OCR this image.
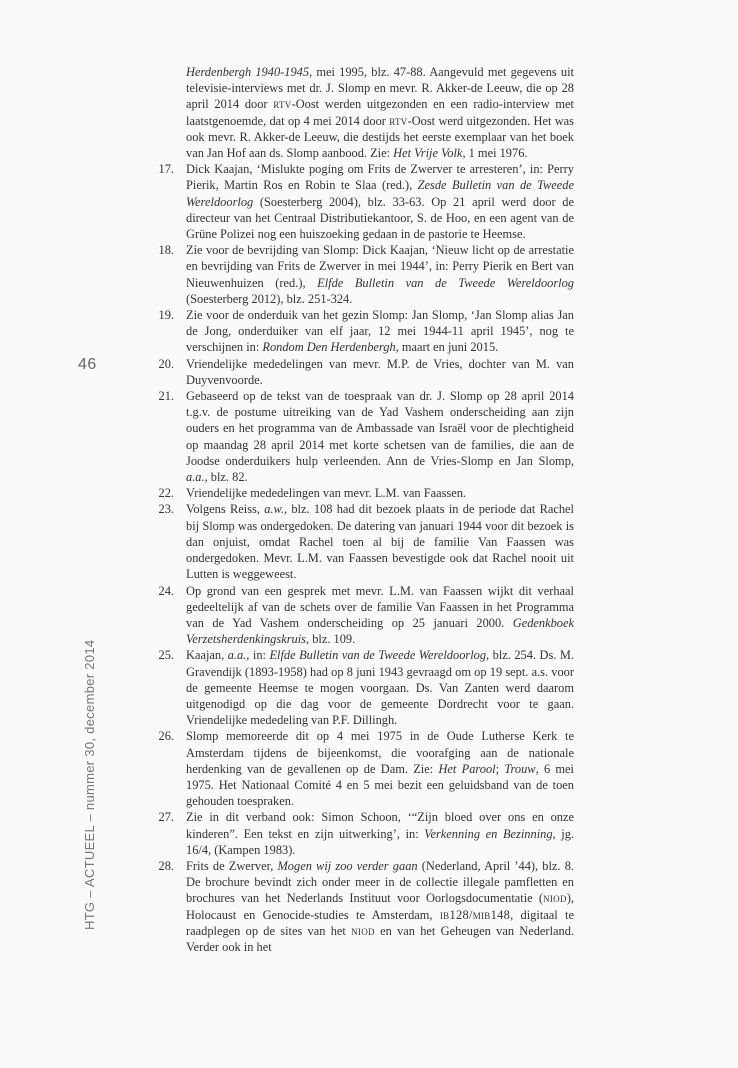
46
HTG – ACTUEEL – nummer 30, december 2014

Herdenbergh 1940-1945, mei 1995, blz. 47-88. Aangevuld met gegevens uit televisie-interviews met dr. J. Slomp en mevr. R. Akker-de Leeuw, die op 28 april 2014 door rtv-Oost werden uitgezonden en een radio-interview met laatstgenoemde, dat op 4 mei 2014 door rtv-Oost werd uitgezonden. Het was ook mevr. R. Akker-de Leeuw, die destijds het eerste exemplaar van het boek van Jan Hof aan ds. Slomp aanbood. Zie: Het Vrije Volk, 1 mei 1976.

17. Dick Kaajan, ‘Mislukte poging om Frits de Zwerver te arresteren’, in: Perry Pierik, Martin Ros en Robin te Slaa (red.), Zesde Bulletin van de Tweede Wereldoorlog (Soesterberg 2004), blz. 33-63. Op 21 april werd door de directeur van het Centraal Distributiekantoor, S. de Hoo, en een agent van de Grüne Polizei nog een huiszoeking gedaan in de pastorie te Heemse.
18. Zie voor de bevrijding van Slomp: Dick Kaajan, ‘Nieuw licht op de arrestatie en bevrijding van Frits de Zwerver in mei 1944’, in: Perry Pierik en Bert van Nieuwenhuizen (red.), Elfde Bulletin van de Tweede Wereldoorlog (Soesterberg 2012), blz. 251-324.
19. Zie voor de onderduik van het gezin Slomp: Jan Slomp, ‘Jan Slomp alias Jan de Jong, onderduiker van elf jaar, 12 mei 1944-11 april 1945’, nog te verschijnen in: Rondom Den Herdenbergh, maart en juni 2015.
20. Vriendelijke mededelingen van mevr. M.P. de Vries, dochter van M. van Duyvenvoorde.
21. Gebaseerd op de tekst van de toespraak van dr. J. Slomp op 28 april 2014 t.g.v. de postume uitreiking van de Yad Vashem onderscheiding aan zijn ouders en het programma van de Ambassade van Israël voor de plechtigheid op maandag 28 april 2014 met korte schetsen van de families, die aan de Joodse onderduikers hulp verleenden. Ann de Vries-Slomp en Jan Slomp, a.a., blz. 82.
22. Vriendelijke mededelingen van mevr. L.M. van Faassen.
23. Volgens Reiss, a.w., blz. 108 had dit bezoek plaats in de periode dat Rachel bij Slomp was ondergedoken. De datering van januari 1944 voor dit bezoek is dan onjuist, omdat Rachel toen al bij de familie Van Faassen was ondergedoken. Mevr. L.M. van Faassen bevestigde ook dat Rachel nooit uit Lutten is weggeweest.
24. Op grond van een gesprek met mevr. L.M. van Faassen wijkt dit verhaal gedeeltelijk af van de schets over de familie Van Faassen in het Programma van de Yad Vashem onderscheiding op 25 januari 2000. Gedenkboek Verzetsherdenkingskruis, blz. 109.
25. Kaajan, a.a., in: Elfde Bulletin van de Tweede Wereldoorlog, blz. 254. Ds. M. Gravendijk (1893-1958) had op 8 juni 1943 gevraagd om op 19 sept. a.s. voor de gemeente Heemse te mogen voorgaan. Ds. Van Zanten werd daarom uitgenodigd op die dag voor de gemeente Dordrecht voor te gaan. Vriendelijke mededeling van P.F. Dillingh.
26. Slomp memoreerde dit op 4 mei 1975 in de Oude Lutherse Kerk te Amsterdam tijdens de bijeenkomst, die voorafging aan de nationale herdenking van de gevallenen op de Dam. Zie: Het Parool; Trouw, 6 mei 1975. Het Nationaal Comité 4 en 5 mei bezit een geluidsband van de toen gehouden toespraken.
27. Zie in dit verband ook: Simon Schoon, ‘“Zijn bloed over ons en onze kinderen”. Een tekst en zijn uitwerking’, in: Verkenning en Bezinning, jg. 16/4, (Kampen 1983).
28. Frits de Zwerver, Mogen wij zoo verder gaan (Nederland, April ’44), blz. 8. De brochure bevindt zich onder meer in de collectie illegale pamfletten en brochures van het Nederlands Instituut voor Oorlogsdocumentatie (niod), Holocaust en Genocide-studies te Amsterdam, ib128/mib148, digitaal te raadplegen op de sites van het niod en van het Geheugen van Nederland. Verder ook in het
